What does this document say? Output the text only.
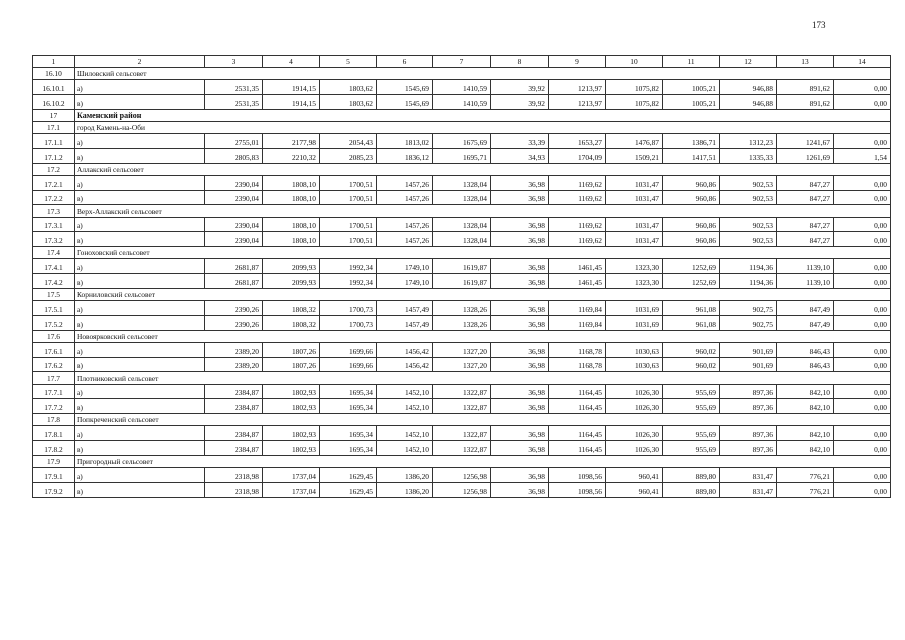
173
1	2	3	4	5	6	7	8	9	10	11	12	13	14
16.10	Шиловский сельсовет												
16.10.1	а)	2531,35	1914,15	1803,62	1545,69	1410,59	39,92	1213,97	1075,82	1005,21	946,88	891,62	0,00
16.10.2	в)	2531,35	1914,15	1803,62	1545,69	1410,59	39,92	1213,97	1075,82	1005,21	946,88	891,62	0,00
17	Каменский район												
17.1	город Камень-на-Оби												
17.1.1	а)	2755,01	2177,98	2054,43	1813,02	1675,69	33,39	1653,27	1476,87	1386,71	1312,23	1241,67	0,00
17.1.2	в)	2805,83	2210,32	2085,23	1836,12	1695,71	34,93	1704,09	1509,21	1417,51	1335,33	1261,69	1,54
17.2	Аллакский сельсовет												
17.2.1	а)	2390,04	1808,10	1700,51	1457,26	1328,04	36,98	1169,62	1031,47	960,86	902,53	847,27	0,00
17.2.2	в)	2390,04	1808,10	1700,51	1457,26	1328,04	36,98	1169,62	1031,47	960,86	902,53	847,27	0,00
17.3	Верх-Аллакский сельсовет												
17.3.1	а)	2390,04	1808,10	1700,51	1457,26	1328,04	36,98	1169,62	1031,47	960,86	902,53	847,27	0,00
17.3.2	в)	2390,04	1808,10	1700,51	1457,26	1328,04	36,98	1169,62	1031,47	960,86	902,53	847,27	0,00
17.4	Гоноховский сельсовет												
17.4.1	а)	2681,87	2099,93	1992,34	1749,10	1619,87	36,98	1461,45	1323,30	1252,69	1194,36	1139,10	0,00
17.4.2	в)	2681,87	2099,93	1992,34	1749,10	1619,87	36,98	1461,45	1323,30	1252,69	1194,36	1139,10	0,00
17.5	Корниловский сельсовет												
17.5.1	а)	2390,26	1808,32	1700,73	1457,49	1328,26	36,98	1169,84	1031,69	961,08	902,75	847,49	0,00
17.5.2	в)	2390,26	1808,32	1700,73	1457,49	1328,26	36,98	1169,84	1031,69	961,08	902,75	847,49	0,00
17.6	Новоярковский сельсовет												
17.6.1	а)	2389,20	1807,26	1699,66	1456,42	1327,20	36,98	1168,78	1030,63	960,02	901,69	846,43	0,00
17.6.2	в)	2389,20	1807,26	1699,66	1456,42	1327,20	36,98	1168,78	1030,63	960,02	901,69	846,43	0,00
17.7	Плотниковский сельсовет												
17.7.1	а)	2384,87	1802,93	1695,34	1452,10	1322,87	36,98	1164,45	1026,30	955,69	897,36	842,10	0,00
17.7.2	в)	2384,87	1802,93	1695,34	1452,10	1322,87	36,98	1164,45	1026,30	955,69	897,36	842,10	0,00
17.8	Попкреченский сельсовет												
17.8.1	а)	2384,87	1802,93	1695,34	1452,10	1322,87	36,98	1164,45	1026,30	955,69	897,36	842,10	0,00
17.8.2	в)	2384,87	1802,93	1695,34	1452,10	1322,87	36,98	1164,45	1026,30	955,69	897,36	842,10	0,00
17.9	Пригородный сельсовет												
17.9.1	а)	2318,98	1737,04	1629,45	1386,20	1256,98	36,98	1098,56	960,41	889,80	831,47	776,21	0,00
17.9.2	в)	2318,98	1737,04	1629,45	1386,20	1256,98	36,98	1098,56	960,41	889,80	831,47	776,21	0,00
